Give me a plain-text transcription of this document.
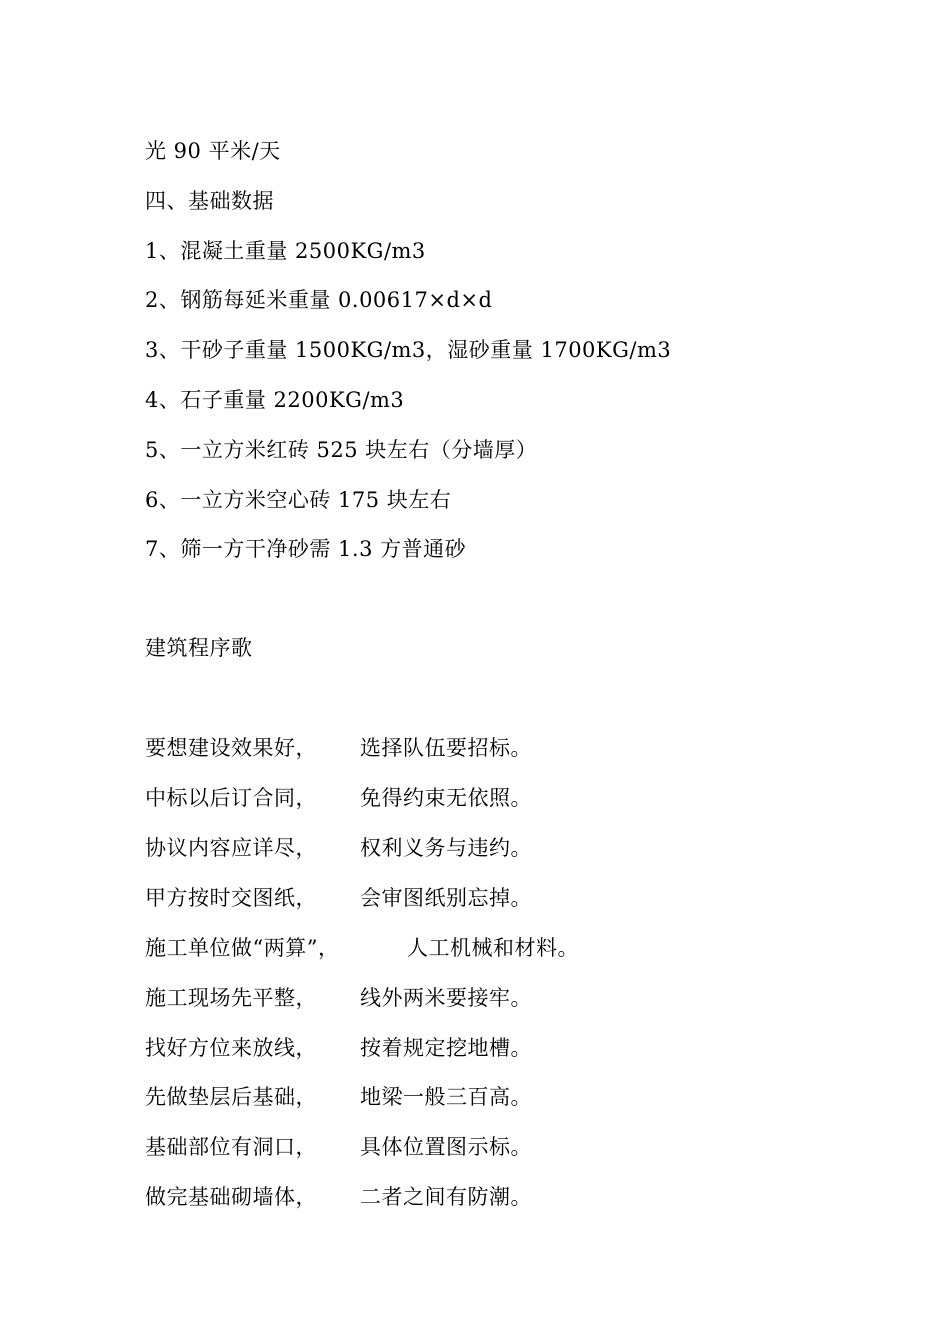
光 90 平米/天
四、基础数据
1、混凝土重量 2500KG/m3
2、钢筋每延米重量 0.00617×d×d
3、干砂子重量 1500KG/m3，湿砂重量 1700KG/m3
4、石子重量 2200KG/m3
5、一立方米红砖 525 块左右（分墙厚）
6、一立方米空心砖 175 块左右
7、筛一方干净砂需 1.3 方普通砂
建筑程序歌
要想建设效果好， 选择队伍要招标。
中标以后订合同， 免得约束无依照。
协议内容应详尽， 权利义务与违约。
甲方按时交图纸， 会审图纸别忘掉。
施工单位做“两算”，	人工机械和材料。
施工现场先平整， 线外两米要接牢。
找好方位来放线， 按着规定挖地槽。
先做垫层后基础， 地梁一般三百高。
基础部位有洞口， 具体位置图示标。
做完基础砌墙体， 二者之间有防潮。
